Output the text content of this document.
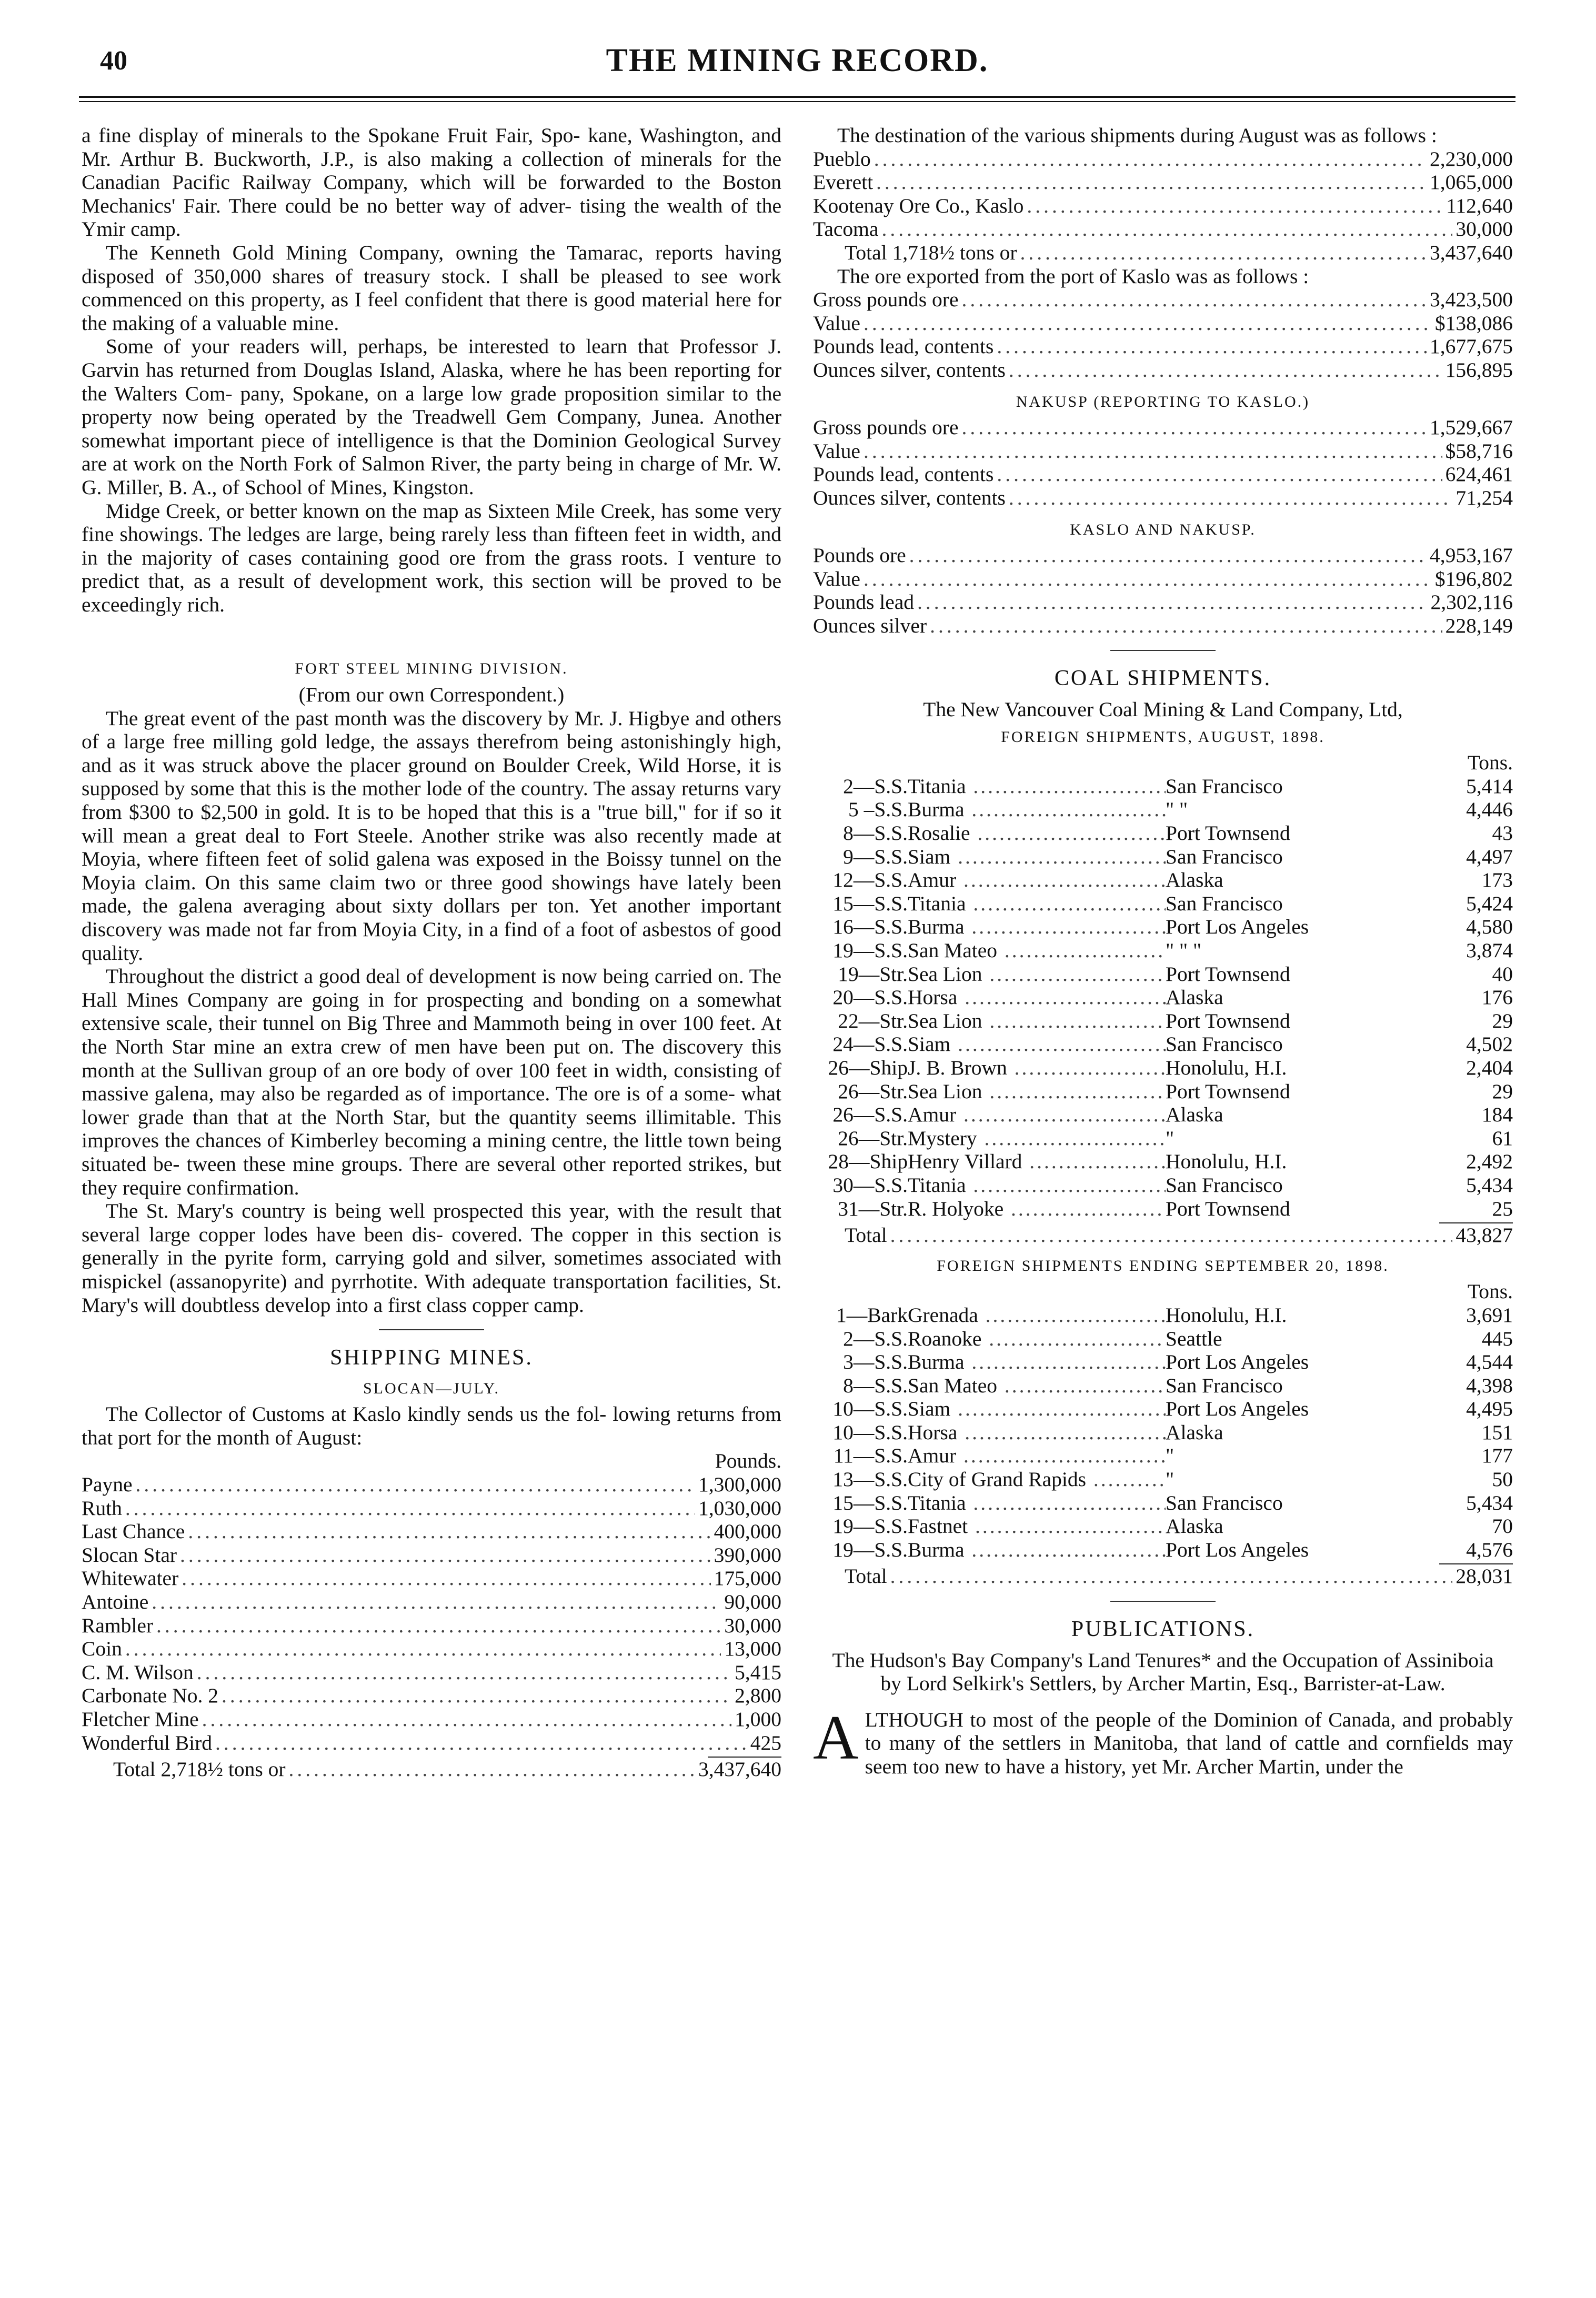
40	THE MINING RECORD.

a fine display of minerals to the Spokane Fruit Fair, Spo- kane, Washington, and Mr. Arthur B. Buckworth, J.P., is also making a collection of minerals for the Canadian Pacific Railway Company, which will be forwarded to the Boston Mechanics' Fair. There could be no better way of adver- tising the wealth of the Ymir camp.

The Kenneth Gold Mining Company, owning the Tamarac, reports having disposed of 350,000 shares of treasury stock. I shall be pleased to see work commenced on this property, as I feel confident that there is good material here for the making of a valuable mine.

Some of your readers will, perhaps, be interested to learn that Professor J. Garvin has returned from Douglas Island, Alaska, where he has been reporting for the Walters Com- pany, Spokane, on a large low grade proposition similar to the property now being operated by the Treadwell Gem Company, Junea. Another somewhat important piece of intelligence is that the Dominion Geological Survey are at work on the North Fork of Salmon River, the party being in charge of Mr. W. G. Miller, B. A., of School of Mines, Kingston.

Midge Creek, or better known on the map as Sixteen Mile Creek, has some very fine showings. The ledges are large, being rarely less than fifteen feet in width, and in the majority of cases containing good ore from the grass roots. I venture to predict that, as a result of development work, this section will be proved to be exceedingly rich.

FORT STEEL MINING DIVISION.
(From our own Correspondent.)

The great event of the past month was the discovery by Mr. J. Higbye and others of a large free milling gold ledge, the assays therefrom being astonishingly high, and as it was struck above the placer ground on Boulder Creek, Wild Horse, it is supposed by some that this is the mother lode of the country. The assay returns vary from $300 to $2,500 in gold. It is to be hoped that this is a "true bill," for if so it will mean a great deal to Fort Steele. Another strike was also recently made at Moyia, where fifteen feet of solid galena was exposed in the Boissy tunnel on the Moyia claim. On this same claim two or three good showings have lately been made, the galena averaging about sixty dollars per ton. Yet another important discovery was made not far from Moyia City, in a find of a foot of asbestos of good quality.

Throughout the district a good deal of development is now being carried on. The Hall Mines Company are going in for prospecting and bonding on a somewhat extensive scale, their tunnel on Big Three and Mammoth being in over 100 feet. At the North Star mine an extra crew of men have been put on. The discovery this month at the Sullivan group of an ore body of over 100 feet in width, consisting of massive galena, may also be regarded as of importance. The ore is of a some- what lower grade than that at the North Star, but the quantity seems illimitable. This improves the chances of Kimberley becoming a mining centre, the little town being situated be- tween these mine groups. There are several other reported strikes, but they require confirmation.

The St. Mary's country is being well prospected this year, with the result that several large copper lodes have been dis- covered. The copper in this section is generally in the pyrite form, carrying gold and silver, sometimes associated with mispickel (assanopyrite) and pyrrhotite. With adequate transportation facilities, St. Mary's will doubtless develop into a first class copper camp.

SHIPPING MINES.
SLOCAN—JULY.

The Collector of Customs at Kaslo kindly sends us the fol- lowing returns from that port for the month of August:

Pounds.
Payne .....	1,300,000
Ruth .....	1,030,000
Last Chance .....	400,000
Slocan Star .....	390,000
Whitewater .....	175,000
Antoine .....	90,000
Rambler .....	30,000
Coin .....	13,000
C. M. Wilson .....	5,415
Carbonate No. 2 .....	2,800
Fletcher Mine .....	1,000
Wonderful Bird .....	425
Total 2,718½ tons or .....	3,437,640

The destination of the various shipments during August was as follows :

Pueblo .....	2,230,000
Everett .....	1,065,000
Kootenay Ore Co., Kaslo .....	112,640
Tacoma .....	30,000
Total 1,718½ tons or .....	3,437,640

The ore exported from the port of Kaslo was as follows :

Gross pounds ore .....	3,423,500
Value .....	$138,086
Pounds lead, contents .....	1,677,675
Ounces silver, contents .....	156,895
NAKUSP (REPORTING TO KASLO.)
Gross pounds ore .....	1,529,667
Value .....	$58,716
Pounds lead, contents .....	624,461
Ounces silver, contents .....	71,254
KASLO AND NAKUSP.
Pounds ore .....	4,953,167
Value .....	$196,802
Pounds lead .....	2,302,116
Ounces silver .....	228,149
COAL SHIPMENTS.
The New Vancouver Coal Mining & Land Company, Ltd,
FOREIGN SHIPMENTS, AUGUST, 1898.
Tons.
2—S.S. Titania .....	San Francisco	5,414
5 –S.S. Burma .....	" "	4,446
8—S.S. Rosalie .....	Port Townsend	43
9—S.S. Siam .....	San Francisco	4,497
12—S.S. Amur .....	Alaska	173
15—S.S. Titania .....	San Francisco	5,424
16—S.S. Burma .....	Port Los Angeles	4,580
19—S.S. San Mateo .....	" " "	3,874
19—Str. Sea Lion .....	Port Townsend	40
20—S.S. Horsa .....	Alaska	176
22—Str. Sea Lion .....	Port Townsend	29
24—S.S. Siam .....	San Francisco	4,502
26—Ship J. B. Brown .....	Honolulu, H.I.	2,404
26—Str. Sea Lion .....	Port Townsend	29
26—S.S. Amur .....	Alaska	184
26—Str. Mystery .....	"	61
28—Ship Henry Villard .....	Honolulu, H.I.	2,492
30—S.S. Titania .....	San Francisco	5,434
31—Str. R. Holyoke .....	Port Townsend	25
Total .....	43,827
FOREIGN SHIPMENTS ENDING SEPTEMBER 20, 1898.
Tons.
1—Bark Grenada .....	Honolulu, H.I.	3,691
2—S.S. Roanoke .....	Seattle	445
3—S.S. Burma .....	Port Los Angeles	4,544
8—S.S. San Mateo .....	San Francisco	4,398
10—S.S. Siam .....	Port Los Angeles	4,495
10—S.S. Horsa .....	Alaska	151
11—S.S. Amur .....	"	177
13—S.S. City of Grand Rapids .....	"	50
15—S.S. Titania .....	San Francisco	5,434
19—S.S. Fastnet .....	Alaska	70
19—S.S. Burma .....	Port Los Angeles	4,576
Total .....	28,031
PUBLICATIONS.
The Hudson's Bay Company's Land Tenures* and the Occupation of Assiniboia by Lord Selkirk's Settlers, by Archer Martin, Esq., Barrister-at-Law.

ALTHOUGH to most of the people of the Dominion of Canada, and probably to many of the settlers in Manitoba, that land of cattle and cornfields may seem too new to have a history, yet Mr. Archer Martin, under the
